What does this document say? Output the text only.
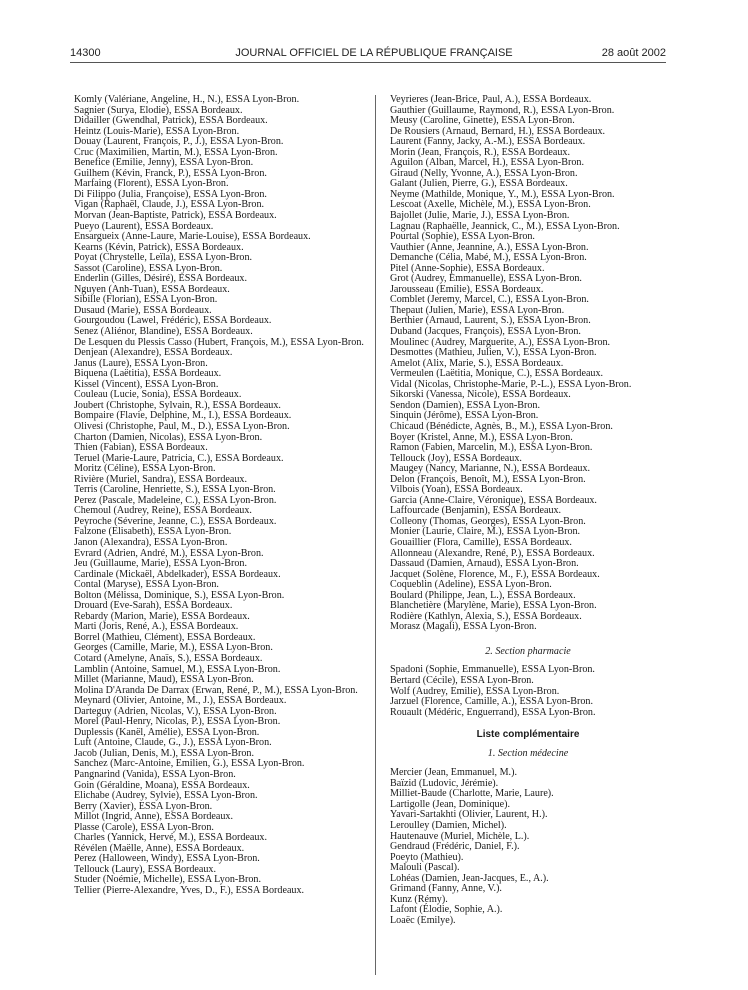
14300	JOURNAL OFFICIEL DE LA RÉPUBLIQUE FRANÇAISE	28 août 2002
Komly (Valériane, Angeline, H., N.), ESSA Lyon-Bron.
Sagnier (Surya, Elodie), ESSA Bordeaux.
Didailler (Gwendhal, Patrick), ESSA Bordeaux.
Heintz (Louis-Marie), ESSA Lyon-Bron.
Douay (Laurent, François, P., J.), ESSA Lyon-Bron.
Cruc (Maximilien, Martin, M.), ESSA Lyon-Bron.
Benefice (Emilie, Jenny), ESSA Lyon-Bron.
Guilhem (Kévin, Franck, P.), ESSA Lyon-Bron.
Marfaing (Florent), ESSA Lyon-Bron.
Di Filippo (Julia, Françoise), ESSA Lyon-Bron.
Vigan (Raphaël, Claude, J.), ESSA Lyon-Bron.
Morvan (Jean-Baptiste, Patrick), ESSA Bordeaux.
Pueyo (Laurent), ESSA Bordeaux.
Ensargueix (Anne-Laure, Marie-Louise), ESSA Bordeaux.
Kearns (Kévin, Patrick), ESSA Bordeaux.
Poyat (Chrystelle, Leïla), ESSA Lyon-Bron.
Sassot (Caroline), ESSA Lyon-Bron.
Enderlin (Gilles, Désiré), ESSA Bordeaux.
Nguyen (Anh-Tuan), ESSA Bordeaux.
Sibille (Florian), ESSA Lyon-Bron.
Dusaud (Marie), ESSA Bordeaux.
Gourgoudou (Lawel, Frédéric), ESSA Bordeaux.
Senez (Aliénor, Blandine), ESSA Bordeaux.
De Lesquen du Plessis Casso (Hubert, François, M.), ESSA Lyon-Bron.
Denjean (Alexandre), ESSA Bordeaux.
Janus (Laure), ESSA Lyon-Bron.
Biquena (Laëtitia), ESSA Bordeaux.
Kissel (Vincent), ESSA Lyon-Bron.
Couleau (Lucie, Sonia), ESSA Bordeaux.
Joubert (Christophe, Sylvain, R.), ESSA Bordeaux.
Bompaire (Flavie, Delphine, M., I.), ESSA Bordeaux.
Olivesi (Christophe, Paul, M., D.), ESSA Lyon-Bron.
Charton (Damien, Nicolas), ESSA Lyon-Bron.
Thien (Fabian), ESSA Bordeaux.
Teruel (Marie-Laure, Patricia, C.), ESSA Bordeaux.
Moritz (Céline), ESSA Lyon-Bron.
Rivière (Muriel, Sandra), ESSA Bordeaux.
Terris (Caroline, Henriette, S.), ESSA Lyon-Bron.
Perez (Pascale, Madeleine, C.), ESSA Lyon-Bron.
Chemoul (Audrey, Reine), ESSA Bordeaux.
Peyroche (Séverine, Jeanne, C.), ESSA Bordeaux.
Falzone (Elisabeth), ESSA Lyon-Bron.
Janon (Alexandra), ESSA Lyon-Bron.
Evrard (Adrien, André, M.), ESSA Lyon-Bron.
Jeu (Guillaume, Marie), ESSA Lyon-Bron.
Cardinale (Mickaël, Abdelkader), ESSA Bordeaux.
Contal (Maryse), ESSA Lyon-Bron.
Bolton (Mélissa, Dominique, S.), ESSA Lyon-Bron.
Drouard (Eve-Sarah), ESSA Bordeaux.
Rebardy (Marion, Marie), ESSA Bordeaux.
Marti (Joris, René, A.), ESSA Bordeaux.
Borrel (Mathieu, Clément), ESSA Bordeaux.
Georges (Camille, Marie, M.), ESSA Lyon-Bron.
Cotard (Amelyne, Anaïs, S.), ESSA Bordeaux.
Lamblin (Antoine, Samuel, M.), ESSA Lyon-Bron.
Millet (Marianne, Maud), ESSA Lyon-Bron.
Molina D'Aranda De Darrax (Erwan, René, P., M.), ESSA Lyon-Bron.
Meynard (Olivier, Antoine, M., J.), ESSA Bordeaux.
Darteguy (Adrien, Nicolas, V.), ESSA Lyon-Bron.
Morel (Paul-Henry, Nicolas, P.), ESSA Lyon-Bron.
Duplessis (Kanël, Amélie), ESSA Lyon-Bron.
Luft (Antoine, Claude, G., J.), ESSA Lyon-Bron.
Jacob (Julian, Denis, M.), ESSA Lyon-Bron.
Sanchez (Marc-Antoine, Emilien, G.), ESSA Lyon-Bron.
Pangnarind (Vanida), ESSA Lyon-Bron.
Goin (Géraldine, Moana), ESSA Bordeaux.
Elichabe (Audrey, Sylvie), ESSA Lyon-Bron.
Berry (Xavier), ESSA Lyon-Bron.
Millot (Ingrid, Anne), ESSA Bordeaux.
Plasse (Carole), ESSA Lyon-Bron.
Charles (Yannick, Hervé, M.), ESSA Bordeaux.
Révélen (Maëlle, Anne), ESSA Bordeaux.
Perez (Halloween, Windy), ESSA Lyon-Bron.
Tellouck (Laury), ESSA Bordeaux.
Studer (Noémie, Michelle), ESSA Lyon-Bron.
Tellier (Pierre-Alexandre, Yves, D., F.), ESSA Bordeaux.
Veyrieres (Jean-Brice, Paul, A.), ESSA Bordeaux.
Gauthier (Guillaume, Raymond, R.), ESSA Lyon-Bron.
Meusy (Caroline, Ginette), ESSA Lyon-Bron.
De Rousiers (Arnaud, Bernard, H.), ESSA Bordeaux.
Laurent (Fanny, Jacky, A.-M.), ESSA Bordeaux.
Morin (Jean, François, R.), ESSA Bordeaux.
Aguilon (Alban, Marcel, H.), ESSA Lyon-Bron.
Giraud (Nelly, Yvonne, A.), ESSA Lyon-Bron.
Galant (Julien, Pierre, G.), ESSA Bordeaux.
Neyme (Mathilde, Monique, Y., M.), ESSA Lyon-Bron.
Lescoat (Axelle, Michèle, M.), ESSA Lyon-Bron.
Bajollet (Julie, Marie, J.), ESSA Lyon-Bron.
Lagnau (Raphaëlle, Jeannick, C., M.), ESSA Lyon-Bron.
Pourtal (Sophie), ESSA Lyon-Bron.
Vauthier (Anne, Jeannine, A.), ESSA Lyon-Bron.
Demanche (Célia, Mabé, M.), ESSA Lyon-Bron.
Pitel (Anne-Sophie), ESSA Bordeaux.
Grot (Audrey, Emmanuelle), ESSA Lyon-Bron.
Jarousseau (Emilie), ESSA Bordeaux.
Comblet (Jeremy, Marcel, C.), ESSA Lyon-Bron.
Thepaut (Julien, Marie), ESSA Lyon-Bron.
Berthier (Arnaud, Laurent, S.), ESSA Lyon-Bron.
Duband (Jacques, François), ESSA Lyon-Bron.
Moulinec (Audrey, Marguerite, A.), ESSA Lyon-Bron.
Desmottes (Mathieu, Julien, V.), ESSA Lyon-Bron.
Amelot (Alix, Marie, S.), ESSA Bordeaux.
Vermeulen (Laëtitia, Monique, C.), ESSA Bordeaux.
Vidal (Nicolas, Christophe-Marie, P.-L.), ESSA Lyon-Bron.
Sikorski (Vanessa, Nicole), ESSA Bordeaux.
Sendon (Damien), ESSA Lyon-Bron.
Sinquin (Jérôme), ESSA Lyon-Bron.
Chicaud (Bénédicte, Agnès, B., M.), ESSA Lyon-Bron.
Boyer (Kristel, Anne, M.), ESSA Lyon-Bron.
Ramon (Fabien, Marcelin, M.), ESSA Lyon-Bron.
Tellouck (Joy), ESSA Bordeaux.
Maugey (Nancy, Marianne, N.), ESSA Bordeaux.
Delon (François, Benoît, M.), ESSA Lyon-Bron.
Vilbois (Yoan), ESSA Bordeaux.
Garcia (Anne-Claire, Véronique), ESSA Bordeaux.
Laffourcade (Benjamin), ESSA Bordeaux.
Colleony (Thomas, Georges), ESSA Lyon-Bron.
Monier (Laurie, Claire, M.), ESSA Lyon-Bron.
Gouaillier (Flora, Camille), ESSA Bordeaux.
Allonneau (Alexandre, René, P.), ESSA Bordeaux.
Dassaud (Damien, Arnaud), ESSA Lyon-Bron.
Jacquet (Solène, Florence, M., F.), ESSA Bordeaux.
Coqueblin (Adeline), ESSA Lyon-Bron.
Boulard (Philippe, Jean, L.), ESSA Bordeaux.
Blanchetière (Marylène, Marie), ESSA Lyon-Bron.
Rodière (Kathlyn, Alexia, S.), ESSA Bordeaux.
Morasz (Magali), ESSA Lyon-Bron.
2. Section pharmacie
Spadoni (Sophie, Emmanuelle), ESSA Lyon-Bron.
Bertard (Cécile), ESSA Lyon-Bron.
Wolf (Audrey, Emilie), ESSA Lyon-Bron.
Jarzuel (Florence, Camille, A.), ESSA Lyon-Bron.
Rouault (Médéric, Enguerrand), ESSA Lyon-Bron.
Liste complémentaire
1. Section médecine
Mercier (Jean, Emmanuel, M.).
Baïzid (Ludovic, Jérémie).
Milliet-Baude (Charlotte, Marie, Laure).
Lartigolle (Jean, Dominique).
Yavari-Sartakhti (Olivier, Laurent, H.).
Leroulley (Damien, Michel).
Hautenauve (Muriel, Michèle, L.).
Gendraud (Frédéric, Daniel, F.).
Poeyto (Mathieu).
Malouli (Pascal).
Lohéas (Damien, Jean-Jacques, E., A.).
Grimand (Fanny, Anne, V.).
Kunz (Rémy).
Lafont (Élodie, Sophie, A.).
Loaëc (Emilye).
